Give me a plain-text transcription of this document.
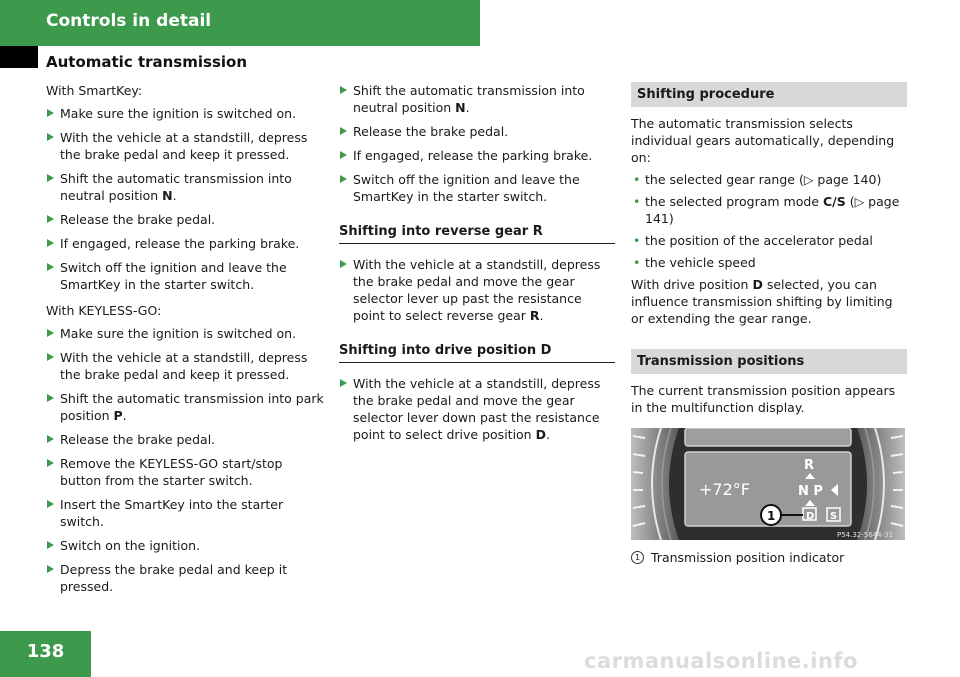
Controls in detail
Automatic transmission

With SmartKey:

Make sure the ignition is switched on.

With the vehicle at a standstill, depress the brake pedal and keep it pressed.

Shift the automatic transmission into neutral position N.

Release the brake pedal.

If engaged, release the parking brake.

Switch off the ignition and leave the SmartKey in the starter switch.

With KEYLESS-GO:

Make sure the ignition is switched on.

With the vehicle at a standstill, depress the brake pedal and keep it pressed.

Shift the automatic transmission into park position P.

Release the brake pedal.

Remove the KEYLESS-GO start/stop button from the starter switch.

Insert the SmartKey into the starter switch.

Switch on the ignition.

Depress the brake pedal and keep it pressed.

Shift the automatic transmission into neutral position N.

Release the brake pedal.

If engaged, release the parking brake.

Switch off the ignition and leave the SmartKey in the starter switch.

Shifting into reverse gear R

With the vehicle at a standstill, depress the brake pedal and move the gear selector lever up past the resistance point to select reverse gear R.

Shifting into drive position D

With the vehicle at a standstill, depress the brake pedal and move the gear selector lever down past the resistance point to select drive position D.

Shifting procedure

The automatic transmission selects individual gears automatically, depending on:

• the selected gear range (▷ page 140)

• the selected program mode C/S (▷ page 141)

• the position of the accelerator pedal

• the vehicle speed

With drive position D selected, you can influence transmission shifting by limiting or extending the gear range.

Transmission positions

The current transmission position appears in the multifunction display.

+72°F
R
N P
D S
1
P54.32-5644-31
1 Transmission position indicator
138	carmanualsonline.info
